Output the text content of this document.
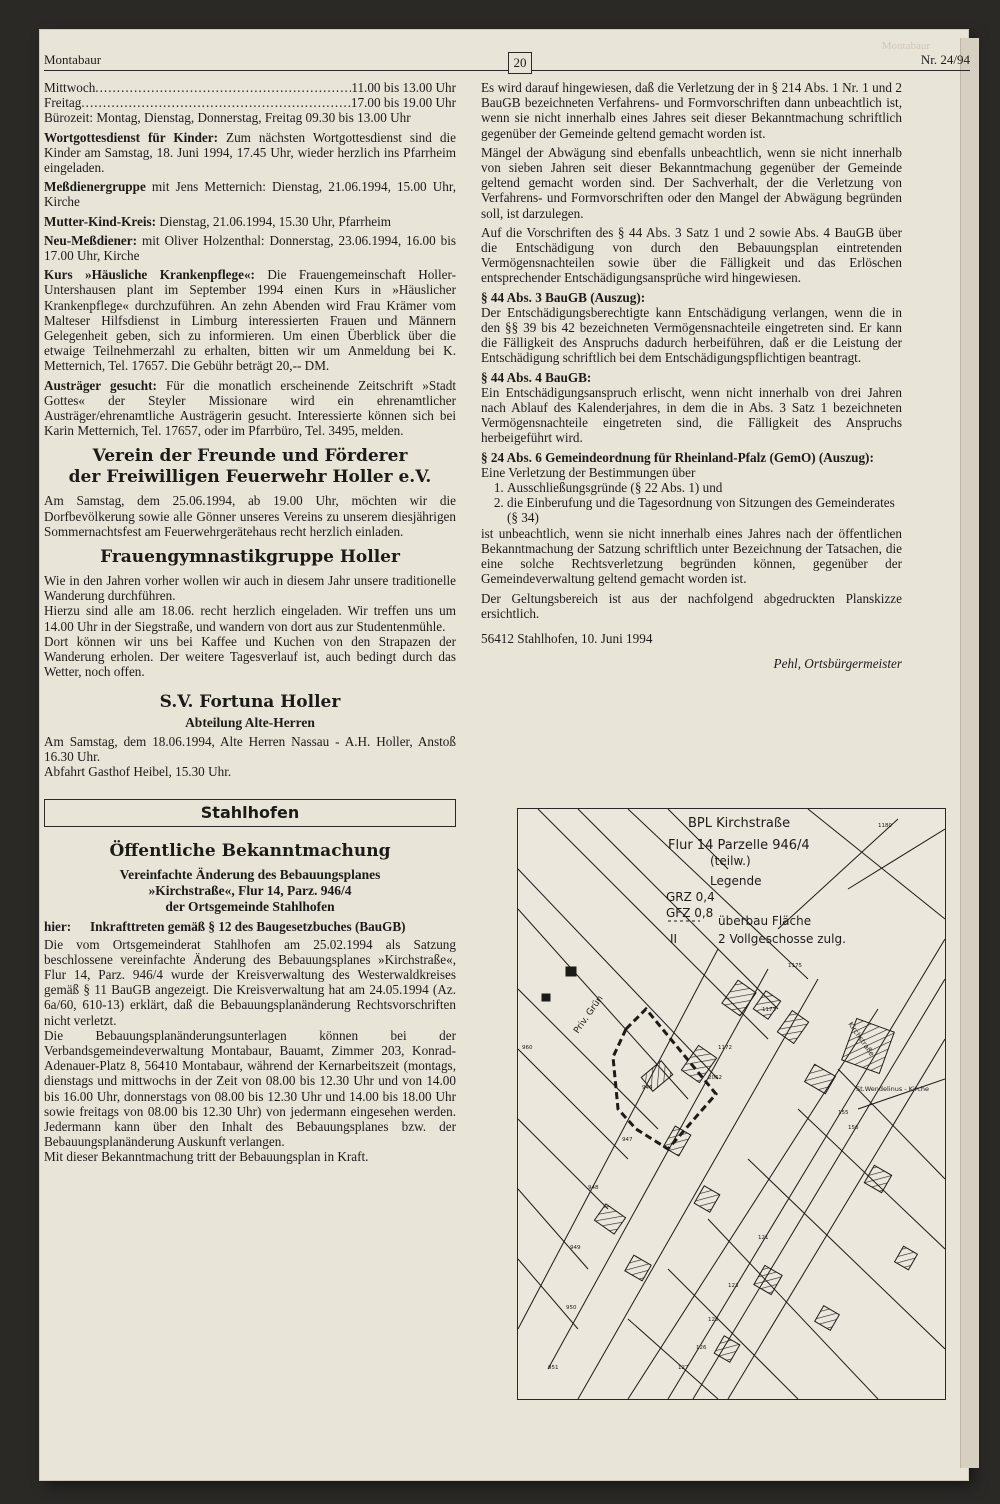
Montabaur	20	Nr. 24/94
Montabaur
Mittwoch .....	11.00 bis 13.00 Uhr
Freitag .....	17.00 bis 19.00 Uhr

Bürozeit: Montag, Dienstag, Donnerstag, Freitag 09.30 bis 13.00 Uhr

Wortgottesdienst für Kinder: Zum nächsten Wortgottesdienst sind die Kinder am Samstag, 18. Juni 1994, 17.45 Uhr, wieder herzlich ins Pfarrheim eingeladen.

Meßdienergruppe mit Jens Metternich: Dienstag, 21.06.1994, 15.00 Uhr, Kirche

Mutter-Kind-Kreis: Dienstag, 21.06.1994, 15.30 Uhr, Pfarrheim

Neu-Meßdiener: mit Oliver Holzenthal: Donnerstag, 23.06.1994, 16.00 bis 17.00 Uhr, Kirche

Kurs »Häusliche Krankenpflege«: Die Frauengemeinschaft Holler-Untershausen plant im September 1994 einen Kurs in »Häuslicher Krankenpflege« durchzuführen. An zehn Abenden wird Frau Krämer vom Malteser Hilfsdienst in Limburg interessierten Frauen und Männern Gelegenheit geben, sich zu informieren. Um einen Überblick über die etwaige Teilnehmerzahl zu erhalten, bitten wir um Anmeldung bei K. Metternich, Tel. 17657. Die Gebühr beträgt 20,-- DM.

Austräger gesucht: Für die monatlich erscheinende Zeitschrift »Stadt Gottes« der Steyler Missionare wird ein ehrenamtlicher Austräger/ehrenamtliche Austrägerin gesucht. Interessierte können sich bei Karin Metternich, Tel. 17657, oder im Pfarrbüro, Tel. 3495, melden.

Verein der Freunde und Förderer
der Freiwilligen Feuerwehr Holler e.V.

Am Samstag, dem 25.06.1994, ab 19.00 Uhr, möchten wir die Dorfbevölkerung sowie alle Gönner unseres Vereins zu unserem diesjährigen Sommernachtsfest am Feuerwehrgerätehaus recht herzlich einladen.

Frauengymnastikgruppe Holler

Wie in den Jahren vorher wollen wir auch in diesem Jahr unsere traditionelle Wanderung durchführen.

Hierzu sind alle am 18.06. recht herzlich eingeladen. Wir treffen uns um 14.00 Uhr in der Siegstraße, und wandern von dort aus zur Studentenmühle.

Dort können wir uns bei Kaffee und Kuchen von den Strapazen der Wanderung erholen. Der weitere Tagesverlauf ist, auch bedingt durch das Wetter, noch offen.

S.V. Fortuna Holler
Abteilung Alte-Herren

Am Samstag, dem 18.06.1994, Alte Herren Nassau - A.H. Holler, Anstoß 16.30 Uhr.

Abfahrt Gasthof Heibel, 15.30 Uhr.

Stahlhofen
Öffentliche Bekanntmachung
Vereinfachte Änderung des Bebauungsplanes
»Kirchstraße«, Flur 14, Parz. 946/4
der Ortsgemeinde Stahlhofen
hier:	Inkrafttreten gemäß § 12 des Baugesetzbuches (BauGB)

Die vom Ortsgemeinderat Stahlhofen am 25.02.1994 als Satzung beschlossene vereinfachte Änderung des Bebauungsplanes »Kirchstraße«, Flur 14, Parz. 946/4 wurde der Kreisverwaltung des Westerwaldkreises gemäß § 11 BauGB angezeigt. Die Kreisverwaltung hat am 24.05.1994 (Az. 6a/60, 610-13) erklärt, daß die Bebauungsplanänderung Rechtsvorschriften nicht verletzt.

Die Bebauungsplanänderungsunterlagen können bei der Verbandsgemeindeverwaltung Montabaur, Bauamt, Zimmer 203, Konrad-Adenauer-Platz 8, 56410 Montabaur, während der Kernarbeitszeit (montags, dienstags und mittwochs in der Zeit von 08.00 bis 12.30 Uhr und von 14.00 bis 16.00 Uhr, donnerstags von 08.00 bis 12.30 Uhr und 14.00 bis 18.00 Uhr sowie freitags von 08.00 bis 12.30 Uhr) von jedermann eingesehen werden. Jedermann kann über den Inhalt des Bebauungsplanes bzw. der Bebauungsplanänderung Auskunft verlangen.

Mit dieser Bekanntmachung tritt der Bebauungsplan in Kraft.

Es wird darauf hingewiesen, daß die Verletzung der in § 214 Abs. 1 Nr. 1 und 2 BauGB bezeichneten Verfahrens- und Formvorschriften dann unbeachtlich ist, wenn sie nicht innerhalb eines Jahres seit dieser Bekanntmachung schriftlich gegenüber der Gemeinde geltend gemacht worden ist.

Mängel der Abwägung sind ebenfalls unbeachtlich, wenn sie nicht innerhalb von sieben Jahren seit dieser Bekanntmachung gegenüber der Gemeinde geltend gemacht worden sind. Der Sachverhalt, der die Verletzung von Verfahrens- und Formvorschriften oder den Mangel der Abwägung begründen soll, ist darzulegen.

Auf die Vorschriften des § 44 Abs. 3 Satz 1 und 2 sowie Abs. 4 BauGB über die Entschädigung von durch den Bebauungsplan eintretenden Vermögensnachteilen sowie über die Fälligkeit und das Erlöschen entsprechender Entschädigungsansprüche wird hingewiesen.

§ 44 Abs. 3 BauGB (Auszug):

Der Entschädigungsberechtigte kann Entschädigung verlangen, wenn die in den §§ 39 bis 42 bezeichneten Vermögensnachteile eingetreten sind. Er kann die Fälligkeit des Anspruchs dadurch herbeiführen, daß er die Leistung der Entschädigung schriftlich bei dem Entschädigungspflichtigen beantragt.

§ 44 Abs. 4 BauGB:

Ein Entschädigungsanspruch erlischt, wenn nicht innerhalb von drei Jahren nach Ablauf des Kalenderjahres, in dem die in Abs. 3 Satz 1 bezeichneten Vermögensnachteile eingetreten sind, die Fälligkeit des Anspruchs herbeigeführt wird.

§ 24 Abs. 6 Gemeindeordnung für Rheinland-Pfalz (GemO) (Auszug):
Eine Verletzung der Bestimmungen über
1. Ausschließungsgründe (§ 22 Abs. 1) und
2. die Einberufung und die Tagesordnung von Sitzungen des Gemeinderates (§ 34)

ist unbeachtlich, wenn sie nicht innerhalb eines Jahres nach der öffentlichen Bekanntmachung der Satzung schriftlich unter Bezeichnung der Tatsachen, die eine solche Rechtsverletzung begründen können, gegenüber der Gemeindeverwaltung geltend gemacht worden ist.

Der Geltungsbereich ist aus der nachfolgend abgedruckten Planskizze ersichtlich.

56412 Stahlhofen, 10. Juni 1994
Pehl, Ortsbürgermeister
BPL Kirchstraße
Flur 14 Parzelle 946/4
(teilw.)
Legende
GRZ 0,4
GFZ 0,8
überbau Fläche
II	2 Vollgeschosse zulg.
Kirchstraße
St.Wendelinus - Kirche
Priv. Grün
1180
1175
1173
1172
2062
946
947
948
949
950
951
960
156
155
121
123
125
126
127
